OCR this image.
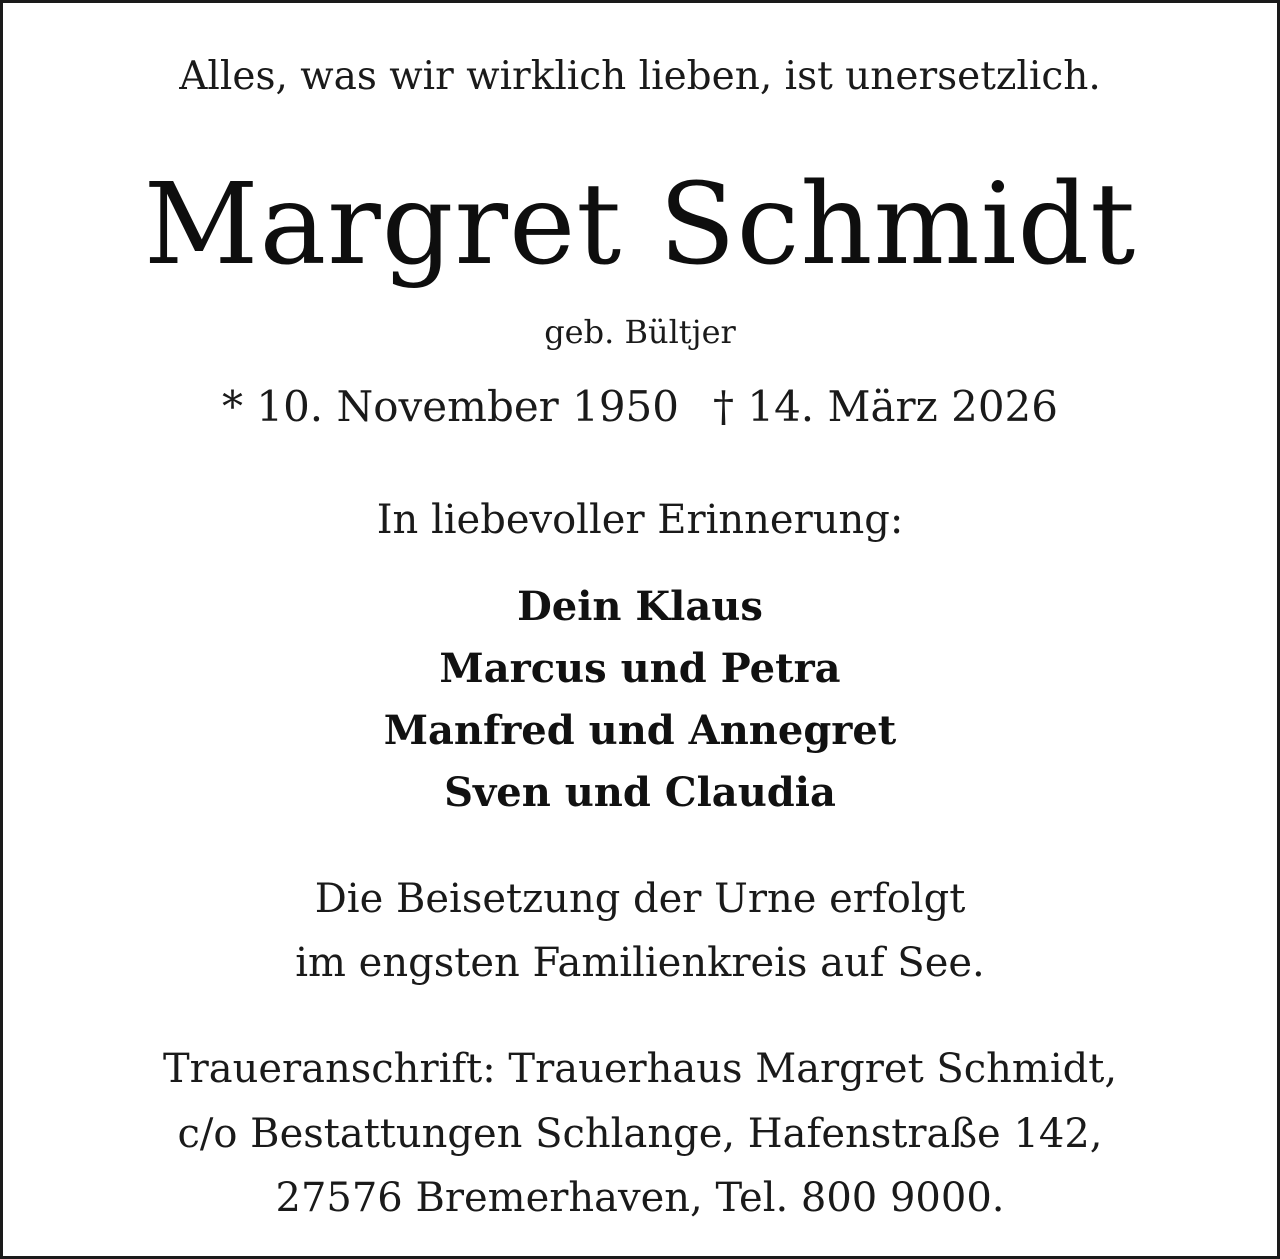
Alles, was wir wirklich lieben, ist unersetzlich.
Margret Schmidt
geb. Bültjer
* 10. November 1950 † 14. März 2026
In liebevoller Erinnerung:
Dein Klaus
Marcus und Petra
Manfred und Annegret
Sven und Claudia
Die Beisetzung der Urne erfolgt
im engsten Familienkreis auf See.
Traueranschrift: Trauerhaus Margret Schmidt,
c/o Bestattungen Schlange, Hafenstraße 142,
27576 Bremerhaven, Tel. 800 9000.
